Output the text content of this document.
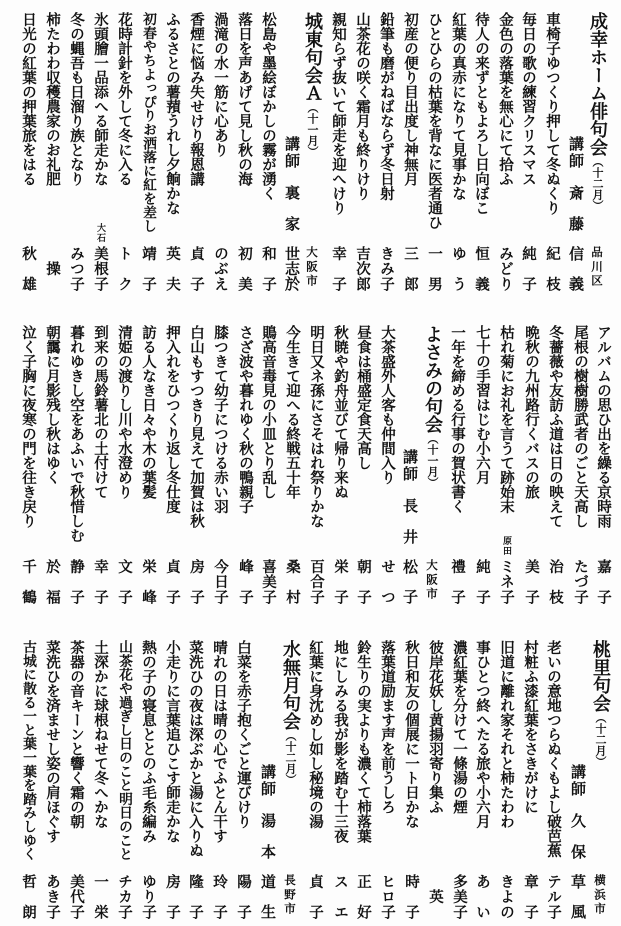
成幸ホーム俳句会（十二月）
品川区
講師
斎藤
信義
車椅子ゆつくり押して冬ぬくり
紀枝
毎日の歌の練習クリスマス
純子
金色の落葉を無心にて拾ふ
みどり
待人の来ずともよろし日向ぼこ
恒義
紅葉の真赤になりて見事かな
ゆう
ひとひらの枯葉を背なに医者通ひ
一男
初産の便り目出度し神無月
三郎
鉛筆も磨がねばならず冬日射
きみ子
山茶花の咲く霜月も終りけり
吉次郎
親知らず抜いて師走を迎へけり
幸子
城東句会Ａ（十一月）
大阪市
講師
裏家
世志於
松島や墨絵ぼかしの霧が湧く
和子
落日を声あげて見し秋の海
初美
渦滝の水一筋に心あり
のぶえ
香煙に悩み失せけり報恩講
貞子
ふるさとの薯蕷うれし夕餉かな
英夫
初春やちよっぴりお洒落に紅を差し
靖子
花時計針を外して冬に入る
トク
氷頭膾一品添へる師走かな
大石
美根子
冬の蝿吾も日溜り族となり
みつ子
柿たわわ収穫農家のお礼肥
操
日光の紅葉の押葉旅をはる
秋雄
アルバムの思ひ出を繰る京時雨
嘉子
尾根の樹樹勝武者のごと天高し
たづ子
冬薔薇や友訪ふ道は日の映えて
治枝
晩秋の九州路行くバスの旅
美子
枯れ菊にお礼を言うて跡始末
原田
ミネ子
七十の手習はじむ小六月
純子
一年を締める行事の賀状書く
禮子
よさみの句会（十一月）
大阪市
講師
長井
松子
大茶盛外人客も仲間入り
せつ
昼食は桶盛定食天高し
朝子
秋暁や釣舟並びて帰り来ぬ
栄子
明日又ネ孫にさそはれ祭りかな
百合子
今生きて迎へる終戦五十年
桑村
鵙高音毒見の小皿とり乱し
喜美子
さざ波や暮れゆく秋の鴨親子
峰子
膝つきて幼子につける赤い羽
今日子
白山もすつきり見えて加賀は秋
房子
押入れをひつくり返し冬仕度
貞子
訪る人なき日々や木の葉髪
栄峰
清姫の渡りし川や水澄めり
文子
到来の馬鈴薯北の土付けて
幸子
暮れゆきし空をあふいで秋惜しむ
静子
朝靄に月影残し秋はゆく
於福
泣く子胸に夜寒の門を往き戻り
千鶴
桃里句会（十二月）
横浜市
講師
久保
草風
老いの意地つらぬくもよし破芭蕉
テル子
村粧ふ漆紅葉をさきがけに
章子
旧道に離れ家それと柿たわわ
きよの
事ひとつ終へたる旅や小六月
あい
濃紅葉を分けて一條湯の煙
多美子
彼岸花妖し黄揚羽寄り集ふ
英
秋日和友の個展に一ト日かな
時子
落葉道励ます声を前うしろ
ヒロ子
鈴生りの実よりも濃くて柿落葉
正好
地にしみる我が影を踏む十三夜
スエ
紅葉に身沈めし如し秘境の湯
貞子
水無月句会（十二月）
長野市
講師
湯本
道生
白菜を赤子抱くごと運びけり
陽子
晴れの日は晴の心でふとん干す
玲子
菜洗ひの夜は深ぶかと湯に入りぬ
隆子
小走りに言葉追ひこす師走かな
房子
熱の子の寝息ととのふ毛糸編み
ゆり子
山茶花や過ぎし日のこと明日のこと
チカ子
土深かに球根ねせて冬へかな
一栄
茶器の音キーンと響く霜の朝
美代子
菜洗ひを済ませし姿の肩ほぐす
あき子
古城に散る一と葉一葉を踏みしゆく
哲朗
